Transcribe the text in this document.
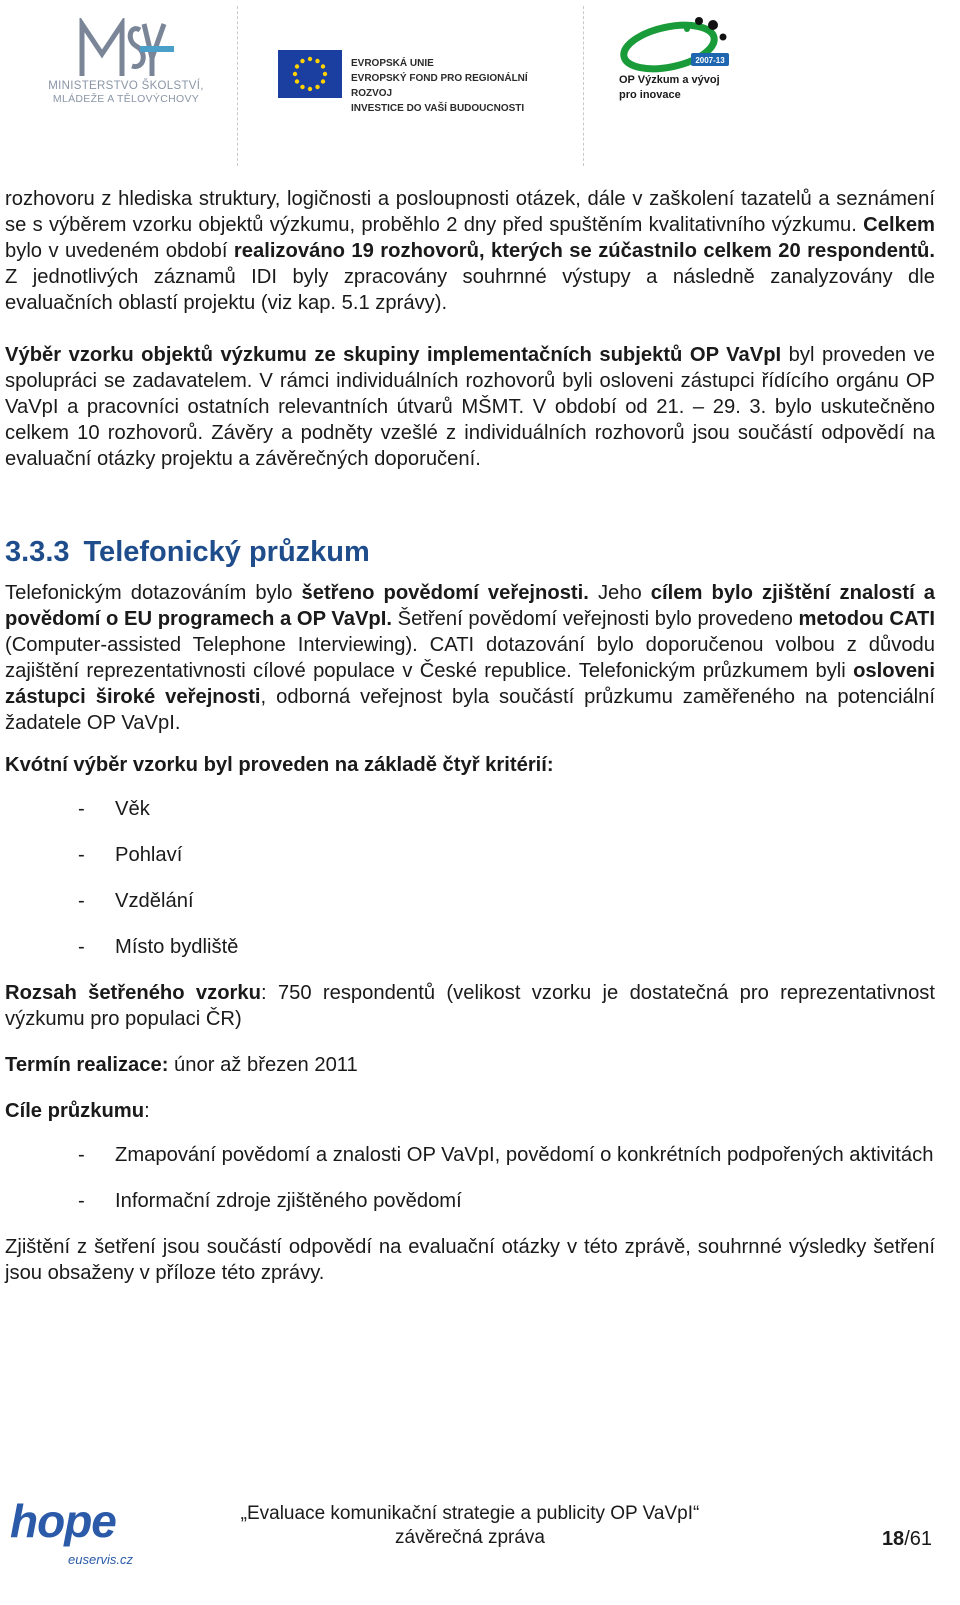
MINISTERSTVO ŠKOLSTVÍ,
MLÁDEŽE A TĚLOVÝCHOVY
EVROPSKÁ UNIE
EVROPSKÝ FOND PRO REGIONÁLNÍ ROZVOJ
INVESTICE DO VAŠÍ BUDOUCNOSTI
2007-13
OP Výzkum a vývoj
pro inovace

rozhovoru z hlediska struktury, logičnosti a posloupnosti otázek, dále v zaškolení tazatelů a seznámení se s výběrem vzorku objektů výzkumu, proběhlo 2 dny před spuštěním kvalitativního výzkumu. Celkem bylo v uvedeném období realizováno 19 rozhovorů, kterých se zúčastnilo celkem 20 respondentů. Z jednotlivých záznamů IDI byly zpracovány souhrnné výstupy a následně zanalyzovány dle evaluačních oblastí projektu (viz kap. 5.1 zprávy).

Výběr vzorku objektů výzkumu ze skupiny implementačních subjektů OP VaVpI byl proveden ve spolupráci se zadavatelem. V rámci individuálních rozhovorů byli osloveni zástupci řídícího orgánu OP VaVpI a pracovníci ostatních relevantních útvarů MŠMT. V období od 21. – 29. 3. bylo uskutečněno celkem 10 rozhovorů. Závěry a podněty vzešlé z individuálních rozhovorů jsou součástí odpovědí na evaluační otázky projektu a závěrečných doporučení.

3.3.3 Telefonický průzkum

Telefonickým dotazováním bylo šetřeno povědomí veřejnosti. Jeho cílem bylo zjištění znalostí a povědomí o EU programech a OP VaVpI. Šetření povědomí veřejnosti bylo provedeno metodou CATI (Computer-assisted Telephone Interviewing). CATI dotazování bylo doporučenou volbou z důvodu zajištění reprezentativnosti cílové populace v České republice. Telefonickým průzkumem byli osloveni zástupci široké veřejnosti, odborná veřejnost byla součástí průzkumu zaměřeného na potenciální žadatele OP VaVpI.

Kvótní výběr vzorku byl proveden na základě čtyř kritérií:

- Věk
- Pohlaví
- Vzdělání
- Místo bydliště

Rozsah šetřeného vzorku: 750 respondentů (velikost vzorku je dostatečná pro reprezentativnost výzkumu pro populaci ČR)

Termín realizace: únor až březen 2011

Cíle průzkumu:

- Zmapování povědomí a znalosti OP VaVpI, povědomí o konkrétních podpořených aktivitách
- Informační zdroje zjištěného povědomí

Zjištění z šetření jsou součástí odpovědí na evaluační otázky v této zprávě, souhrnné výsledky šetření jsou obsaženy v příloze této zprávy.

hope
euservis.cz
„Evaluace komunikační strategie a publicity OP VaVpI“
závěrečná zpráva	18/61
